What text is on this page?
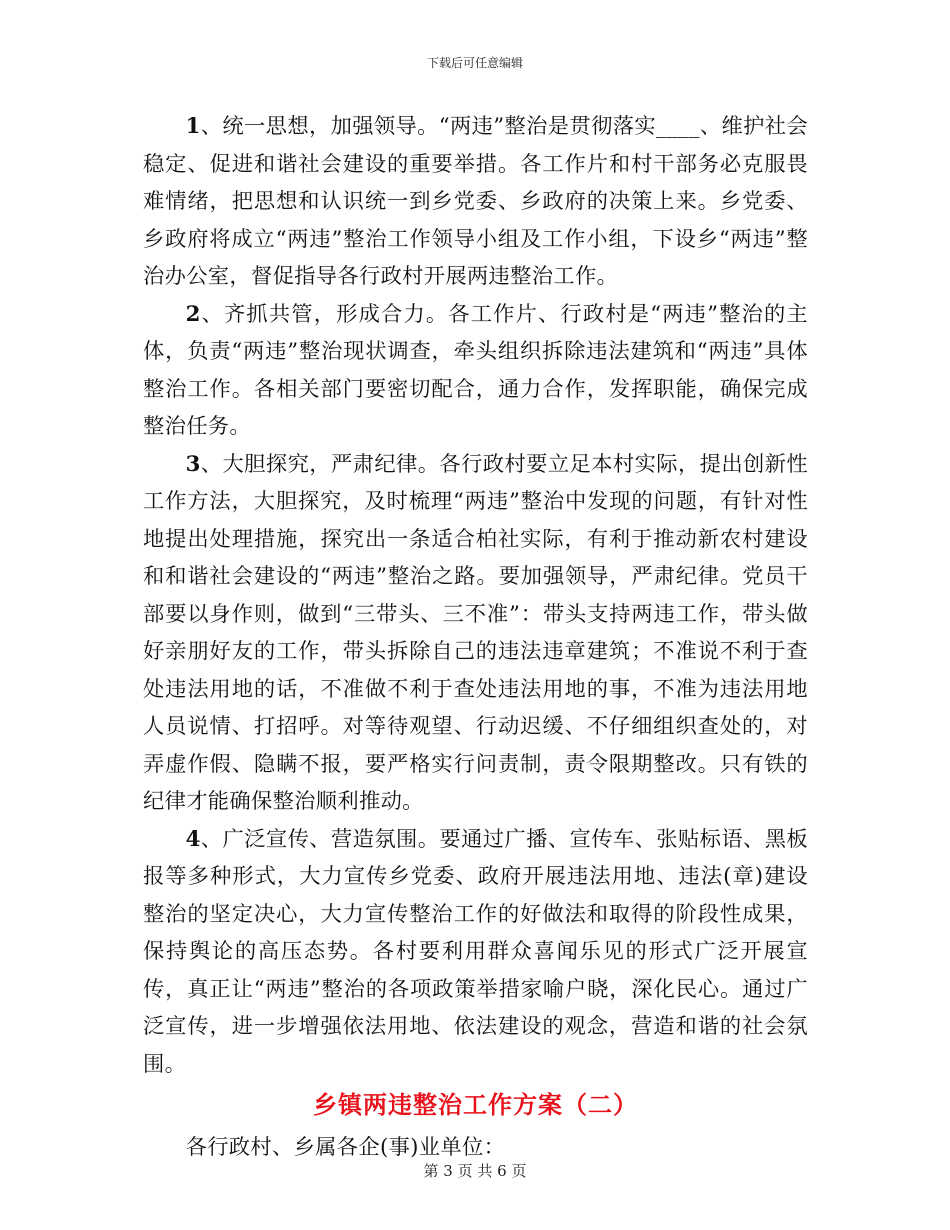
下载后可任意编辑

1、统一思想，加强领导。“两违”整治是贯彻落实____、维护社会稳定、促进和谐社会建设的重要举措。各工作片和村干部务必克服畏难情绪，把思想和认识统一到乡党委、乡政府的决策上来。乡党委、乡政府将成立“两违”整治工作领导小组及工作小组，下设乡“两违”整治办公室，督促指导各行政村开展两违整治工作。

2、齐抓共管，形成合力。各工作片、行政村是“两违”整治的主体，负责“两违”整治现状调查，牵头组织拆除违法建筑和“两违”具体整治工作。各相关部门要密切配合，通力合作，发挥职能，确保完成整治任务。

3、大胆探究，严肃纪律。各行政村要立足本村实际，提出创新性工作方法，大胆探究，及时梳理“两违”整治中发现的问题，有针对性地提出处理措施，探究出一条适合柏社实际，有利于推动新农村建设和和谐社会建设的“两违”整治之路。要加强领导，严肃纪律。党员干部要以身作则，做到“三带头、三不准”：带头支持两违工作，带头做好亲朋好友的工作，带头拆除自己的违法违章建筑；不准说不利于查处违法用地的话，不准做不利于查处违法用地的事，不准为违法用地人员说情、打招呼。对等待观望、行动迟缓、不仔细组织查处的，对弄虚作假、隐瞒不报，要严格实行问责制，责令限期整改。只有铁的纪律才能确保整治顺利推动。

4、广泛宣传、营造氛围。要通过广播、宣传车、张贴标语、黑板报等多种形式，大力宣传乡党委、政府开展违法用地、违法(章)建设整治的坚定决心，大力宣传整治工作的好做法和取得的阶段性成果，保持舆论的高压态势。各村要利用群众喜闻乐见的形式广泛开展宣传，真正让“两违”整治的各项政策举措家喻户晓，深化民心。通过广泛宣传，进一步增强依法用地、依法建设的观念，营造和谐的社会氛围。

乡镇两违整治工作方案（二）

各行政村、乡属各企(事)业单位：

第 3 页 共 6 页
